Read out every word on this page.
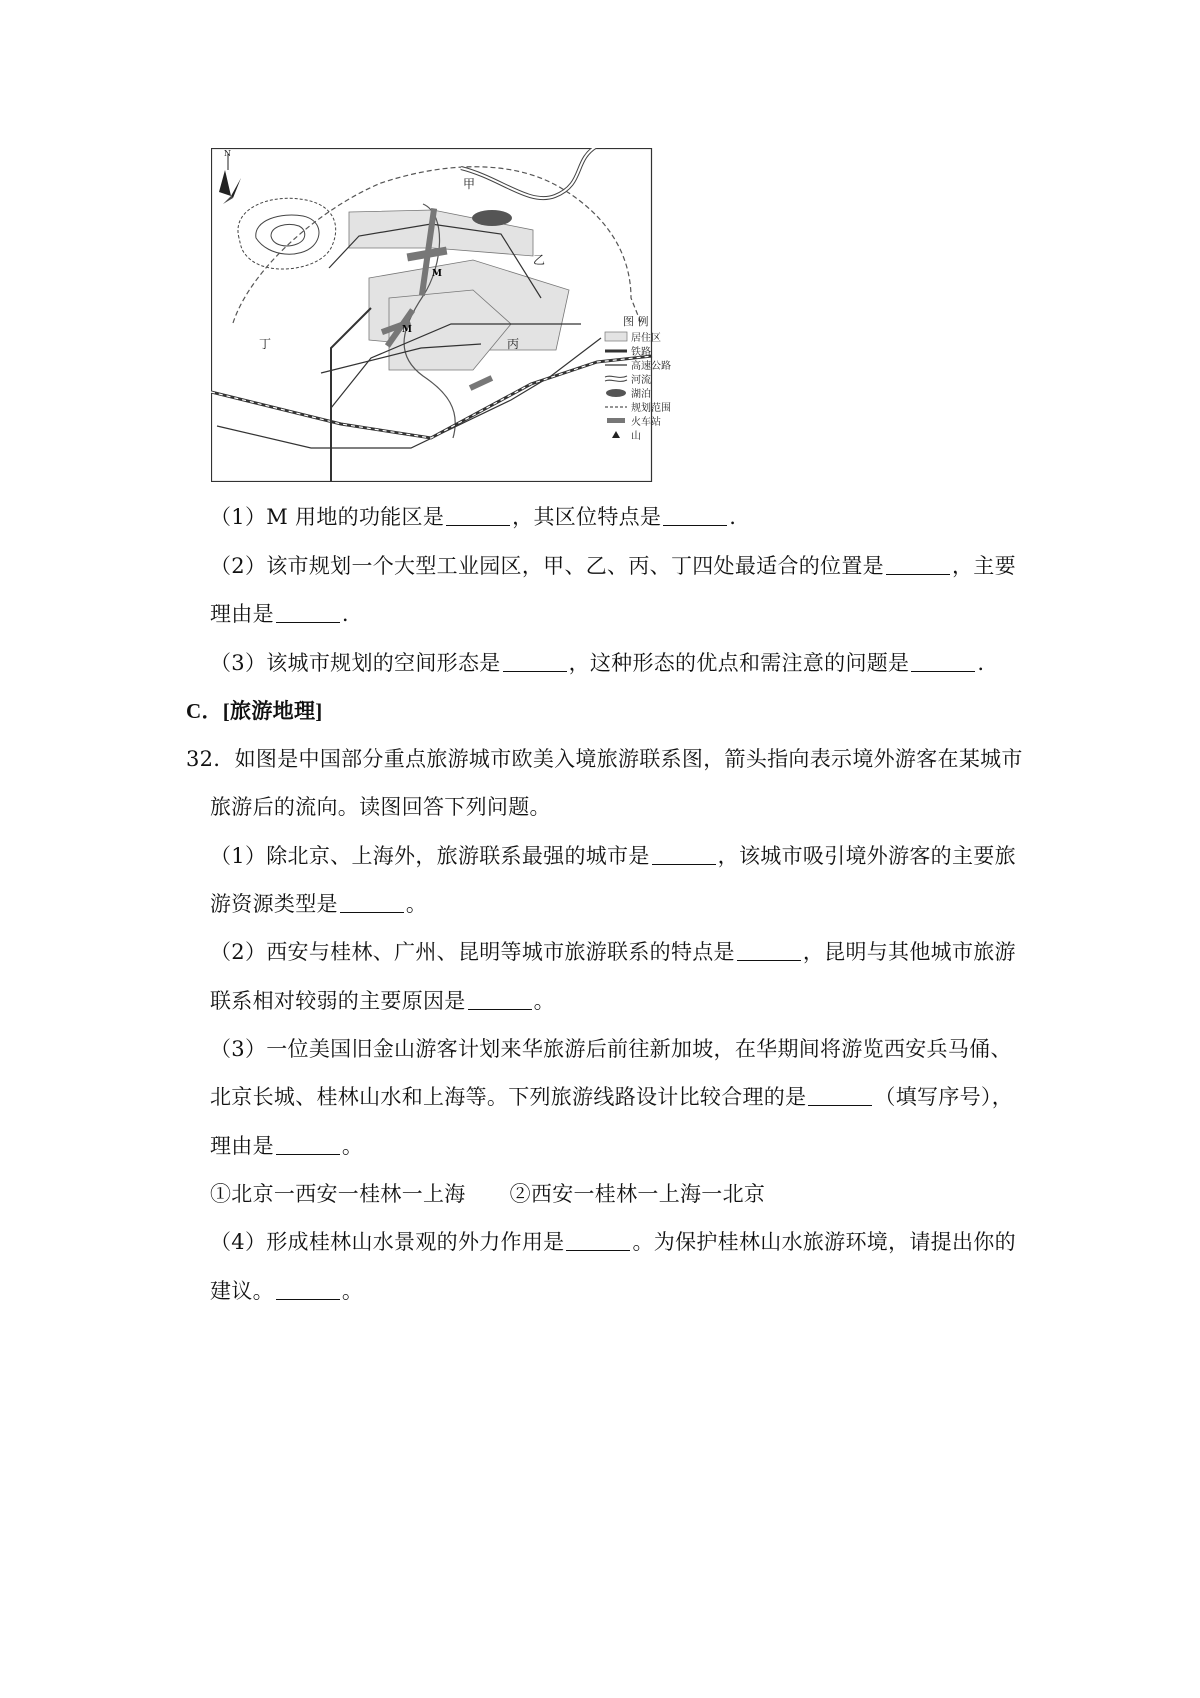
N
甲
乙
丙
丁
M
M
图 例
居住区
铁路
高速公路
河流
湖泊
规划范围
火车站
山
（1）M 用地的功能区是	，其区位特点是	.
（2）该市规划一个大型工业园区，甲、乙、丙、丁四处最适合的位置是	，主要
理由是	.
（3）该城市规划的空间形态是	，这种形态的优点和需注意的问题是	.
C．[旅游地理]
32．如图是中国部分重点旅游城市欧美入境旅游联系图，箭头指向表示境外游客在某城市
旅游后的流向。读图回答下列问题。
（1）除北京、上海外，旅游联系最强的城市是	，该城市吸引境外游客的主要旅
游资源类型是	。
（2）西安与桂林、广州、昆明等城市旅游联系的特点是	，昆明与其他城市旅游
联系相对较弱的主要原因是	。
（3）一位美国旧金山游客计划来华旅游后前往新加坡，在华期间将游览西安兵马俑、
北京长城、桂林山水和上海等。下列旅游线路设计比较合理的是	（填写序号），
理由是	。
①北京一西安一桂林一上海 ②西安一桂林一上海一北京
（4）形成桂林山水景观的外力作用是	。为保护桂林山水旅游环境，请提出你的
建议。	。
